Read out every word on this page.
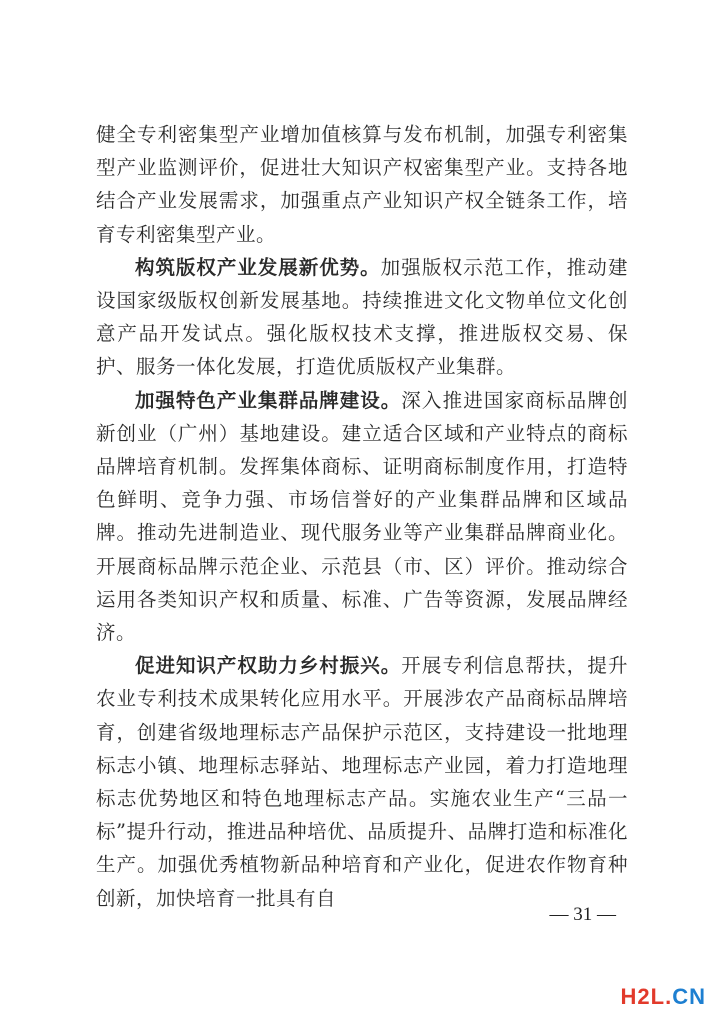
健全专利密集型产业增加值核算与发布机制，加强专利密集型产业监测评价，促进壮大知识产权密集型产业。支持各地结合产业发展需求，加强重点产业知识产权全链条工作，培育专利密集型产业。

构筑版权产业发展新优势。加强版权示范工作，推动建设国家级版权创新发展基地。持续推进文化文物单位文化创意产品开发试点。强化版权技术支撑，推进版权交易、保护、服务一体化发展，打造优质版权产业集群。

加强特色产业集群品牌建设。深入推进国家商标品牌创新创业（广州）基地建设。建立适合区域和产业特点的商标品牌培育机制。发挥集体商标、证明商标制度作用，打造特色鲜明、竞争力强、市场信誉好的产业集群品牌和区域品牌。推动先进制造业、现代服务业等产业集群品牌商业化。开展商标品牌示范企业、示范县（市、区）评价。推动综合运用各类知识产权和质量、标准、广告等资源，发展品牌经济。

促进知识产权助力乡村振兴。开展专利信息帮扶，提升农业专利技术成果转化应用水平。开展涉农产品商标品牌培育，创建省级地理标志产品保护示范区，支持建设一批地理标志小镇、地理标志驿站、地理标志产业园，着力打造地理标志优势地区和特色地理标志产品。实施农业生产“三品一标”提升行动，推进品种培优、品质提升、品牌打造和标准化生产。加强优秀植物新品种培育和产业化，促进农作物育种创新，加快培育一批具有自

— 31 —
H2L.CN
